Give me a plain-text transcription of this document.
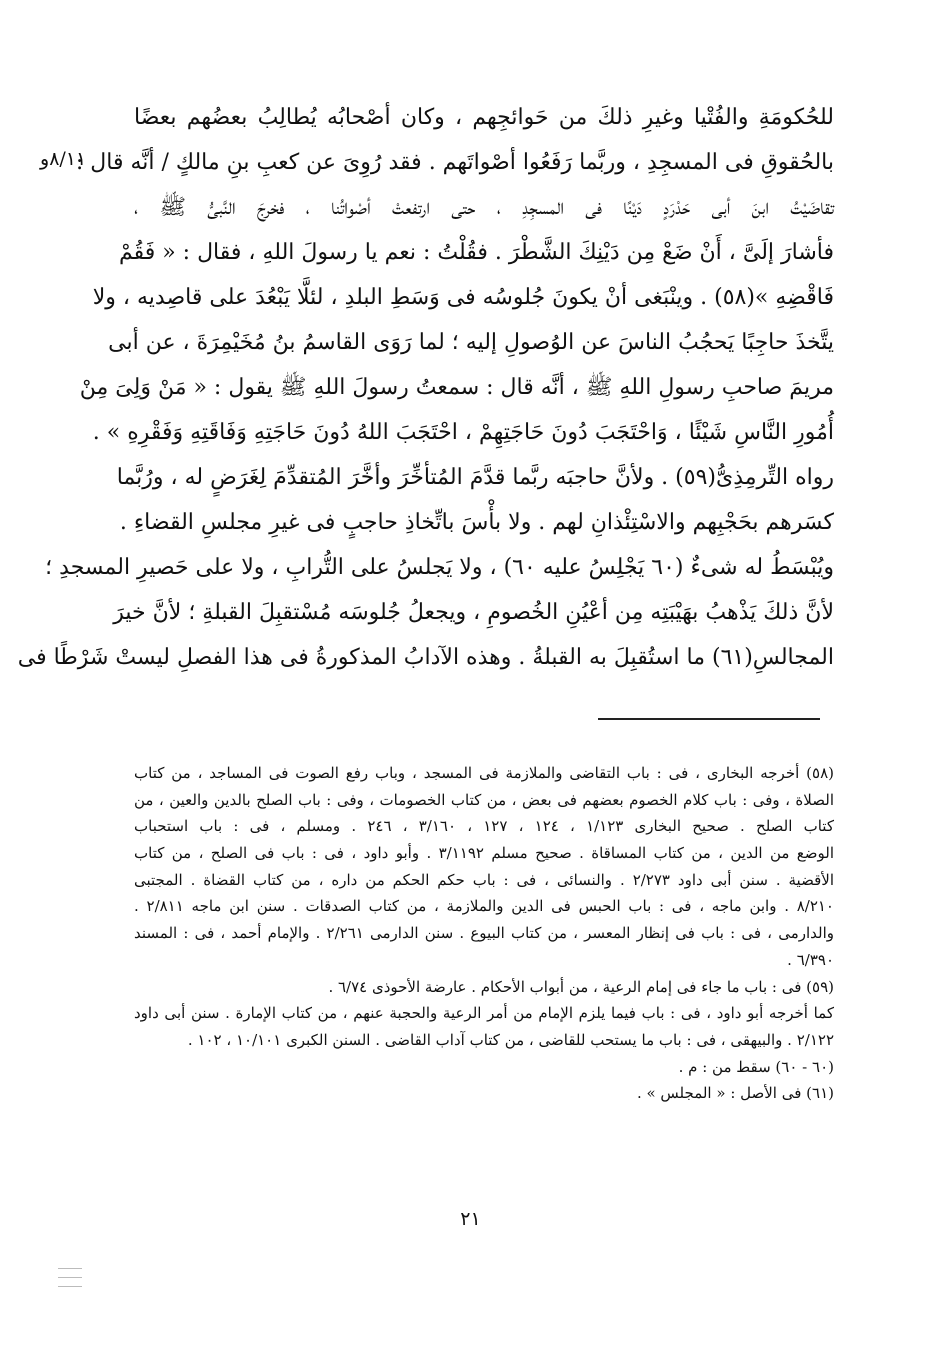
٨/١١و
للحُكومَةِ والفُتْيا وغيرِ ذلكَ من حَوائجِهم ، وكان أصْحابُه يُطالِبُ بعضُهم بعضًا
بالحُقوقِ فى المسجِدِ ، وربَّما رَفَعُوا أصْواتَهم . فقد رُوِىَ عن كعبِ بنِ مالكٍ / أنَّه قال :
تقاضَيْتُ ابنَ أبى حَدْرَدٍ دَيْنًا فى المسجِدِ ، حتى ارتفعتْ أصْواتُنا ، فخرجَ النَّبىُّ ﷺ ،
فأشارَ إلَىَّ ، أَنْ ضَعْ مِن دَيْنِكَ الشَّطْرَ . فقُلْتُ : نعم يا رسولَ اللهِ ، فقال : « فَقُمْ
فَاقْضِهِ »(٥٨) . وينْبَغى أنْ يكونَ جُلوسُه فى وَسَطِ البلدِ ، لئلَّا يَبْعُدَ على قاصِديه ، ولا
يتَّخذَ حاجِبًا يَحجُبُ الناسَ عن الوُصولِ إليه ؛ لما رَوَى القاسمُ بنُ مُخَيْمِرَةَ ، عن أبى
مريمَ صاحبِ رسولِ اللهِ ﷺ ، أنَّه قال : سمعتُ رسولَ اللهِ ﷺ يقول : « مَنْ وَلِىَ مِنْ
أُمُورِ النَّاسِ شَيْئًا ، وَاحْتَجَبَ دُونَ حَاجَتِهِمْ ، احْتَجَبَ اللهُ دُونَ حَاجَتِهِ وَفَاقَتِهِ وَفَقْرِهِ » .
رواه التِّرمِذِىُّ(٥٩) . ولأنَّ حاجبَه ربَّما قدَّمَ المُتأخِّرَ وأخَّرَ المُتقدِّمَ لِغَرَضٍ له ، ورُبَّما
كسَرهم بحَجْبِهم والاسْتِئْذانِ لهم . ولا بأْسَ باتِّخاذِ حاجبٍ فى غيرِ مجلسِ القضاءِ .
ويُبْسَطُ له شىءٌ (٦٠ يَجْلِسُ عليه ٦٠) ، ولا يَجلسُ على التُّرابِ ، ولا على حَصيرِ المسجدِ ؛
لأنَّ ذلكَ يَذْهبُ بهَيْبَتِه مِن أعْيُنِ الخُصومِ ، ويجعلُ جُلوسَه مُسْتقبِلَ القبلةِ ؛ لأنَّ خيرَ
المجالسِ(٦١) ما استُقبِلَ به القبلةُ . وهذه الآدابُ المذكورةُ فى هذا الفصلِ ليستْ شَرْطًا فى
(٥٨) أخرجه البخارى ، فى : باب التقاضى والملازمة فى المسجد ، وباب رفع الصوت فى المساجد ، من كتاب
الصلاة ، وفى : باب كلام الخصوم بعضهم فى بعض ، من كتاب الخصومات ، وفى : باب الصلح بالدين والعين ، من
كتاب الصلح . صحيح البخارى ١/١٢٣ ، ١٢٤ ، ١٢٧ ، ٣/١٦٠ ، ٢٤٦ . ومسلم ، فى : باب استحباب
الوضع من الدين ، من كتاب المساقاة . صحيح مسلم ٣/١١٩٢ . وأبو داود ، فى : باب فى الصلح ، من كتاب
الأقضية . سنن أبى داود ٢/٢٧٣ . والنسائى ، فى : باب حكم الحكم من داره ، من كتاب القضاة . المجتبى
٨/٢١٠ . وابن ماجه ، فى : باب الحبس فى الدين والملازمة ، من كتاب الصدقات . سنن ابن ماجه ٢/٨١١ .
والدارمى ، فى : باب فى إنظار المعسر ، من كتاب البيوع . سنن الدارمى ٢/٢٦١ . والإمام أحمد ، فى : المسند
٦/٣٩٠ .
(٥٩) فى : باب ما جاء فى إمام الرعية ، من أبواب الأحكام . عارضة الأحوذى ٦/٧٤ .
كما أخرجه أبو داود ، فى : باب فيما يلزم الإمام من أمر الرعية والحجبة عنهم ، من كتاب الإمارة . سنن أبى داود
٢/١٢٢ . والبيهقى ، فى : باب ما يستحب للقاضى ، من كتاب آداب القاضى . السنن الكبرى ١٠/١٠١ ، ١٠٢ .
(٦٠ - ٦٠) سقط من : م .
(٦١) فى الأصل : « المجلس » .
٢١
